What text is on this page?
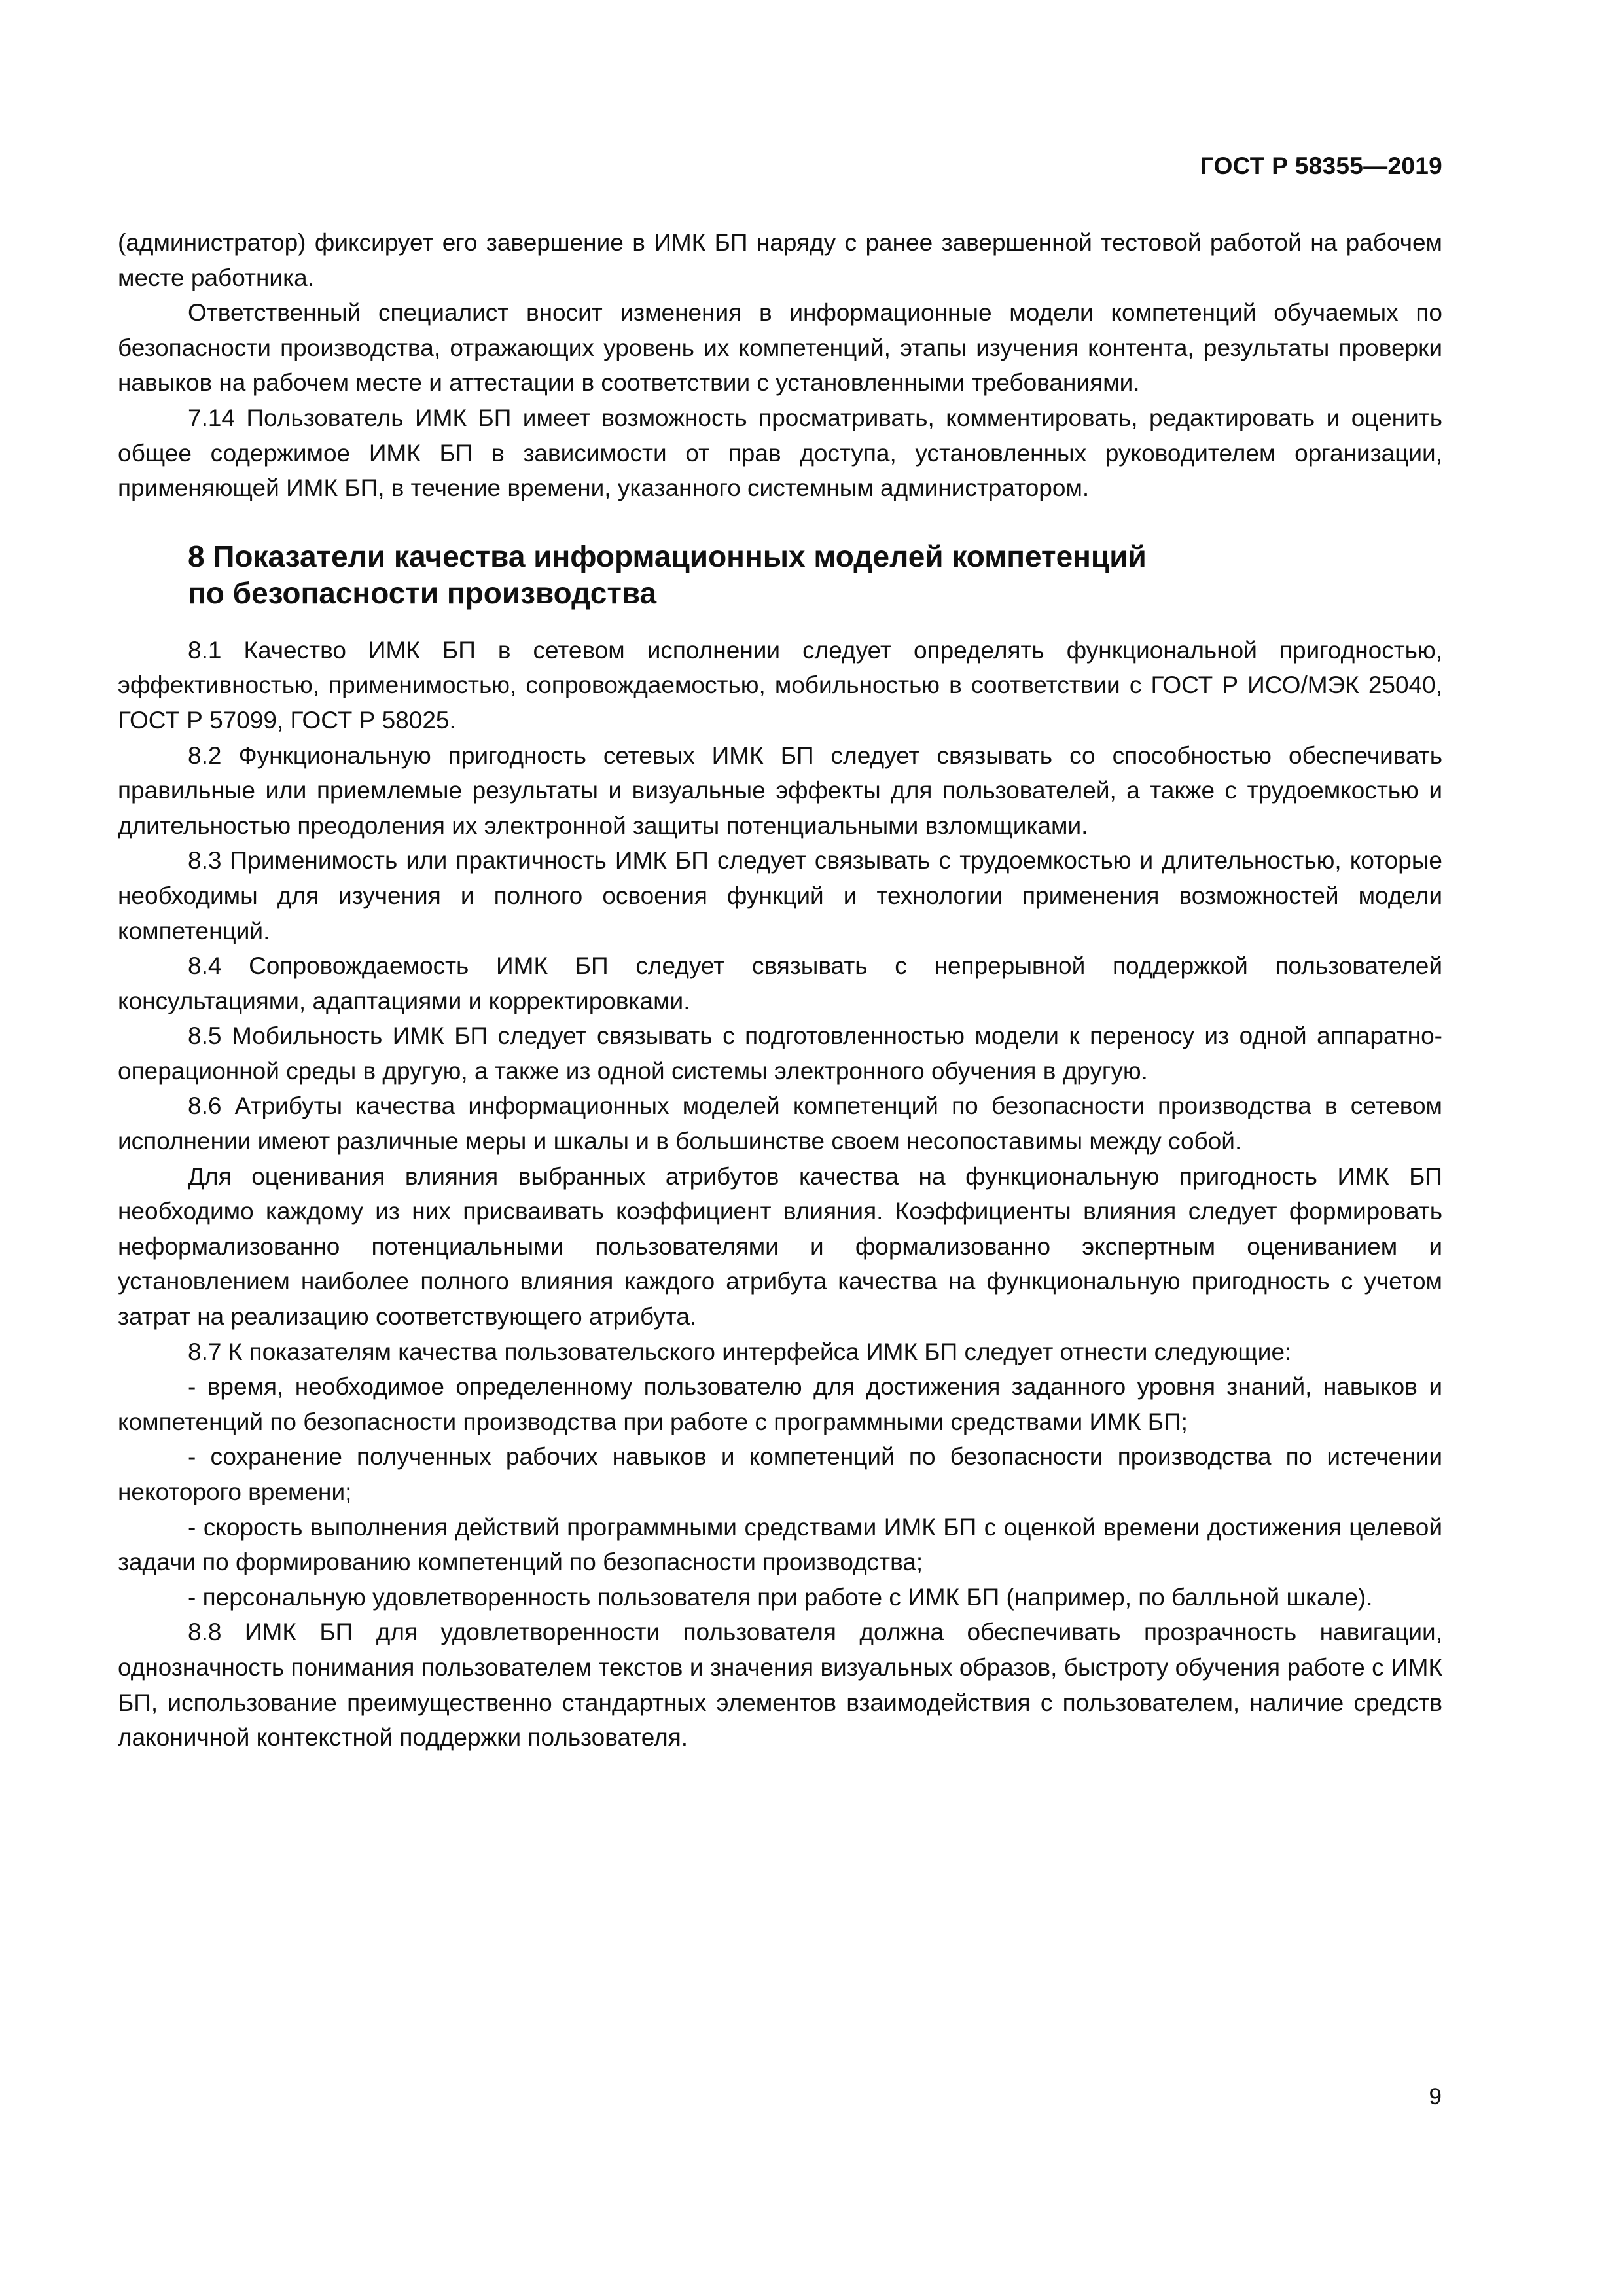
ГОСТ Р 58355—2019

(администратор) фиксирует его завершение в ИМК БП наряду с ранее завершенной тестовой работой на рабочем месте работника.

Ответственный специалист вносит изменения в информационные модели компетенций обучаемых по безопасности производства, отражающих уровень их компетенций, этапы изучения контента, результаты проверки навыков на рабочем месте и аттестации в соответствии с установленными требованиями.

7.14 Пользователь ИМК БП имеет возможность просматривать, комментировать, редактировать и оценить общее содержимое ИМК БП в зависимости от прав доступа, установленных руководителем организации, применяющей ИМК БП, в течение времени, указанного системным администратором.

8 Показатели качества информационных моделей компетенций
по безопасности производства

8.1 Качество ИМК БП в сетевом исполнении следует определять функциональной пригодностью, эффективностью, применимостью, сопровождаемостью, мобильностью в соответствии с ГОСТ Р ИСО/МЭК 25040, ГОСТ Р 57099, ГОСТ Р 58025.

8.2 Функциональную пригодность сетевых ИМК БП следует связывать со способностью обеспечивать правильные или приемлемые результаты и визуальные эффекты для пользователей, а также с трудоемкостью и длительностью преодоления их электронной защиты потенциальными взломщиками.

8.3 Применимость или практичность ИМК БП следует связывать с трудоемкостью и длительностью, которые необходимы для изучения и полного освоения функций и технологии применения возможностей модели компетенций.

8.4 Сопровождаемость ИМК БП следует связывать с непрерывной поддержкой пользователей консультациями, адаптациями и корректировками.

8.5 Мобильность ИМК БП следует связывать с подготовленностью модели к переносу из одной аппаратно-операционной среды в другую, а также из одной системы электронного обучения в другую.

8.6 Атрибуты качества информационных моделей компетенций по безопасности производства в сетевом исполнении имеют различные меры и шкалы и в большинстве своем несопоставимы между собой.

Для оценивания влияния выбранных атрибутов качества на функциональную пригодность ИМК БП необходимо каждому из них присваивать коэффициент влияния. Коэффициенты влияния следует формировать неформализованно потенциальными пользователями и формализованно экспертным оцениванием и установлением наиболее полного влияния каждого атрибута качества на функциональную пригодность с учетом затрат на реализацию соответствующего атрибута.

8.7 К показателям качества пользовательского интерфейса ИМК БП следует отнести следующие:

- время, необходимое определенному пользователю для достижения заданного уровня знаний, навыков и компетенций по безопасности производства при работе с программными средствами ИМК БП;

- сохранение полученных рабочих навыков и компетенций по безопасности производства по истечении некоторого времени;

- скорость выполнения действий программными средствами ИМК БП с оценкой времени достижения целевой задачи по формированию компетенций по безопасности производства;

- персональную удовлетворенность пользователя при работе с ИМК БП (например, по балльной шкале).

8.8 ИМК БП для удовлетворенности пользователя должна обеспечивать прозрачность навигации, однозначность понимания пользователем текстов и значения визуальных образов, быстроту обучения работе с ИМК БП, использование преимущественно стандартных элементов взаимодействия с пользователем, наличие средств лаконичной контекстной поддержки пользователя.

9
